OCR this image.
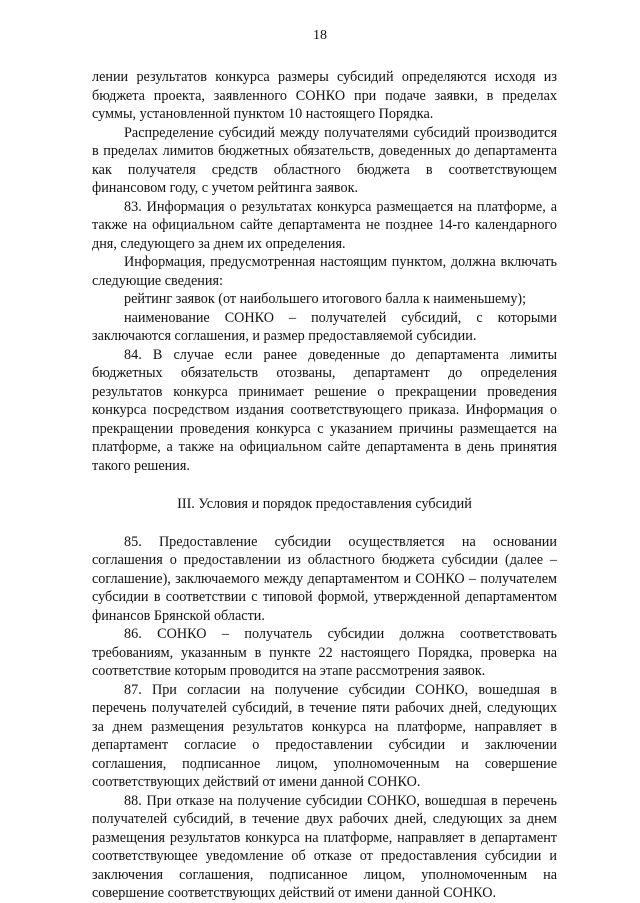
18

лении результатов конкурса размеры субсидий определяются исходя из бюджета проекта, заявленного СОНКО при подаче заявки, в пределах суммы, установленной пунктом 10 настоящего Порядка.

Распределение субсидий между получателями субсидий производится в пределах лимитов бюджетных обязательств, доведенных до департамента как получателя средств областного бюджета в соответствующем финансовом году, с учетом рейтинга заявок.

83. Информация о результатах конкурса размещается на платформе, а также на официальном сайте департамента не позднее 14-го календарного дня, следующего за днем их определения.

Информация, предусмотренная настоящим пунктом, должна включать следующие сведения:

рейтинг заявок (от наибольшего итогового балла к наименьшему);

наименование СОНКО – получателей субсидий, с которыми заключаются соглашения, и размер предоставляемой субсидии.

84. В случае если ранее доведенные до департамента лимиты бюджетных обязательств отозваны, департамент до определения результатов конкурса принимает решение о прекращении проведения конкурса посредством издания соответствующего приказа. Информация о прекращении проведения конкурса с указанием причины размещается на платформе, а также на официальном сайте департамента в день принятия такого решения.

III. Условия и порядок предоставления субсидий

85. Предоставление субсидии осуществляется на основании соглашения о предоставлении из областного бюджета субсидии (далее – соглашение), заключаемого между департаментом и СОНКО – получателем субсидии в соответствии с типовой формой, утвержденной департаментом финансов Брянской области.

86. СОНКО – получатель субсидии должна соответствовать требованиям, указанным в пункте 22 настоящего Порядка, проверка на соответствие которым проводится на этапе рассмотрения заявок.

87. При согласии на получение субсидии СОНКО, вошедшая в перечень получателей субсидий, в течение пяти рабочих дней, следующих за днем размещения результатов конкурса на платформе, направляет в департамент согласие о предоставлении субсидии и заключении соглашения, подписанное лицом, уполномоченным на совершение соответствующих действий от имени данной СОНКО.

88. При отказе на получение субсидии СОНКО, вошедшая в перечень получателей субсидий, в течение двух рабочих дней, следующих за днем размещения результатов конкурса на платформе, направляет в департамент соответствующее уведомление об отказе от предоставления субсидии и заключения соглашения, подписанное лицом, уполномоченным на совершение соответствующих действий от имени данной СОНКО.
